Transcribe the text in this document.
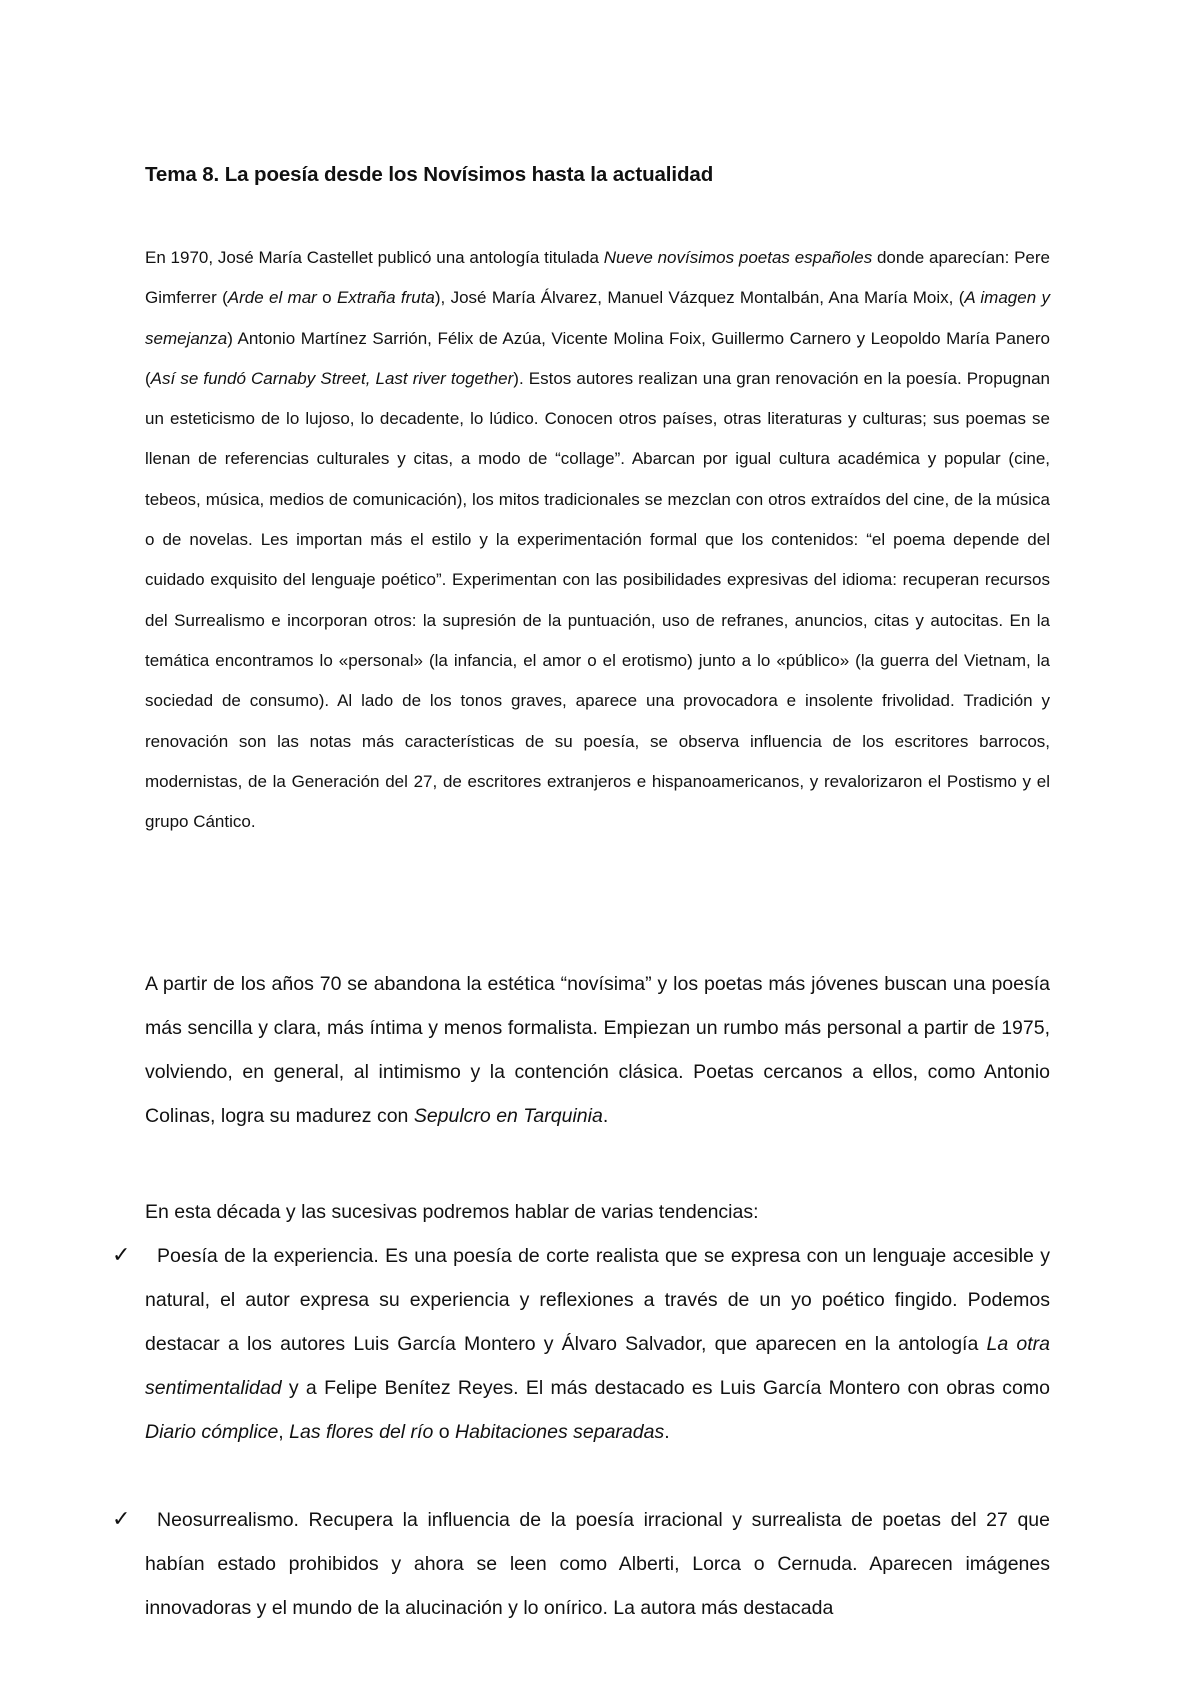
Tema 8. La poesía desde los Novísimos hasta la actualidad
En 1970, José María Castellet publicó una antología titulada Nueve novísimos poetas españoles donde aparecían: Pere Gimferrer (Arde el mar o Extraña fruta), José María Álvarez, Manuel Vázquez Montalbán, Ana María Moix, (A imagen y semejanza) Antonio Martínez Sarrión, Félix de Azúa, Vicente Molina Foix, Guillermo Carnero y Leopoldo María Panero (Así se fundó Carnaby Street, Last river together). Estos autores realizan una gran renovación en la poesía. Propugnan un esteticismo de lo lujoso, lo decadente, lo lúdico. Conocen otros países, otras literaturas y culturas; sus poemas se llenan de referencias culturales y citas, a modo de “collage”. Abarcan por igual cultura académica y popular (cine, tebeos, música, medios de comunicación), los mitos tradicionales se mezclan con otros extraídos del cine, de la música o de novelas. Les importan más el estilo y la experimentación formal que los contenidos: “el poema depende del cuidado exquisito del lenguaje poético”. Experimentan con las posibilidades expresivas del idioma: recuperan recursos del Surrealismo e incorporan otros: la supresión de la puntuación, uso de refranes, anuncios, citas y autocitas. En la temática encontramos lo «personal» (la infancia, el amor o el erotismo) junto a lo «público» (la guerra del Vietnam, la sociedad de consumo). Al lado de los tonos graves, aparece una provocadora e insolente frivolidad. Tradición y renovación son las notas más características de su poesía, se observa influencia de los escritores barrocos, modernistas, de la Generación del 27, de escritores extranjeros e hispanoamericanos, y revalorizaron el Postismo y el grupo Cántico.
A partir de los años 70 se abandona la estética “novísima” y los poetas más jóvenes buscan una poesía más sencilla y clara, más íntima y menos formalista. Empiezan un rumbo más personal a partir de 1975, volviendo, en general, al intimismo y la contención clásica. Poetas cercanos a ellos, como Antonio Colinas, logra su madurez con Sepulcro en Tarquinia.
En esta década y las sucesivas podremos hablar de varias tendencias:
✓	Poesía de la experiencia. Es una poesía de corte realista que se expresa con un lenguaje accesible y natural, el autor expresa su experiencia y reflexiones a través de un yo poético fingido. Podemos destacar a los autores Luis García Montero y Álvaro Salvador, que aparecen en la antología La otra sentimentalidad y a Felipe Benítez Reyes. El más destacado es Luis García Montero con obras como Diario cómplice, Las flores del río o Habitaciones separadas.
✓	Neosurrealismo. Recupera la influencia de la poesía irracional y surrealista de poetas del 27 que habían estado prohibidos y ahora se leen como Alberti, Lorca o Cernuda. Aparecen imágenes innovadoras y el mundo de la alucinación y lo onírico. La autora más destacada
